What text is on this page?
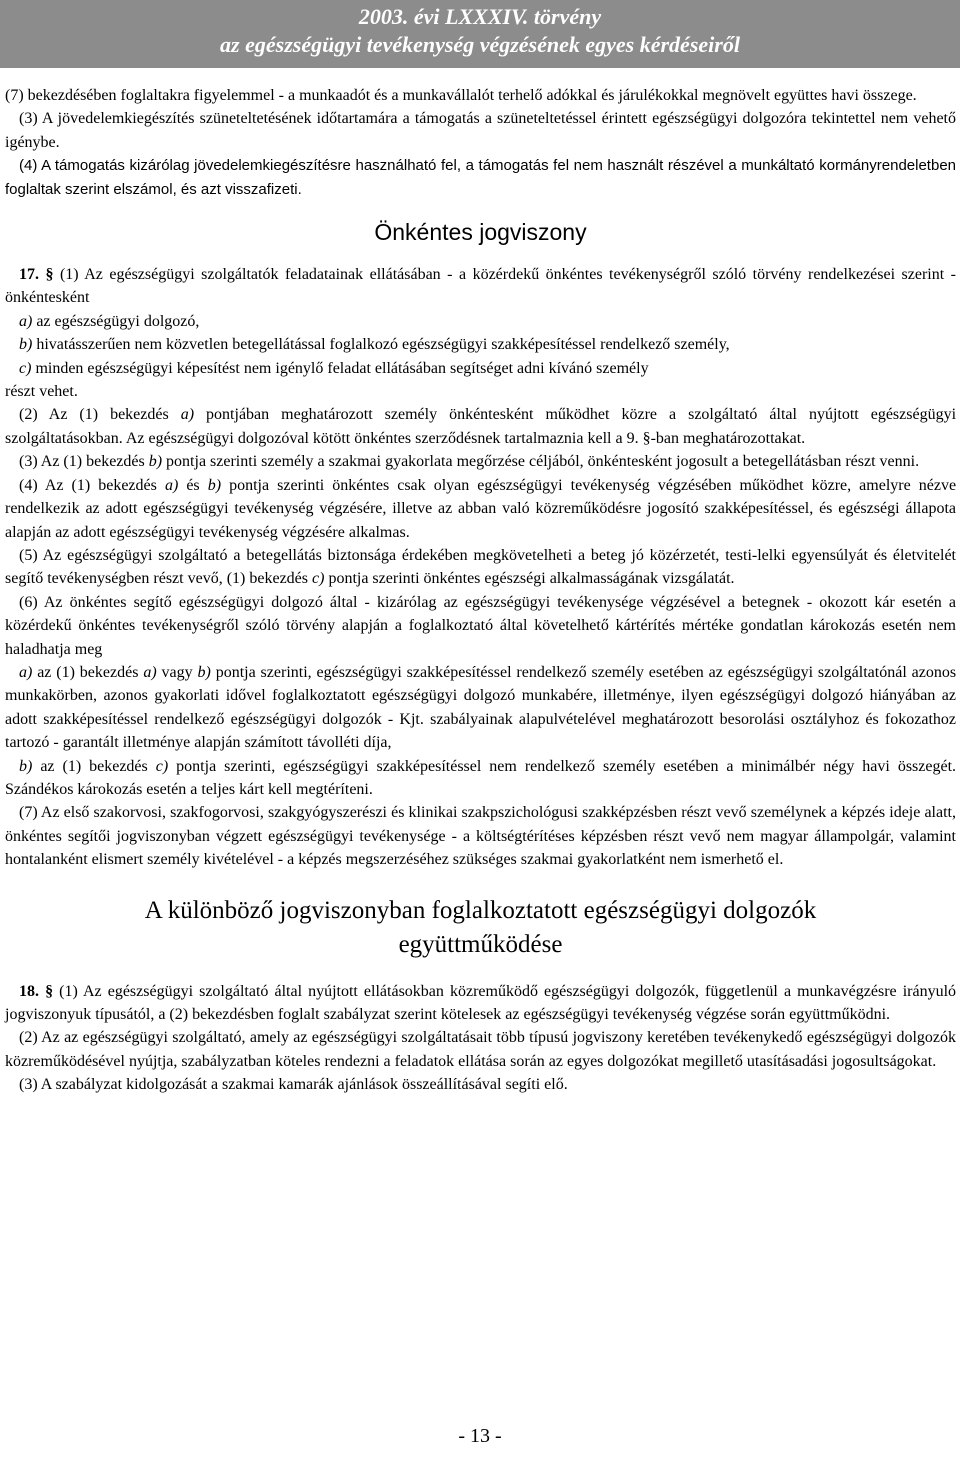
2003. évi LXXXIV. törvény
az egészségügyi tevékenység végzésének egyes kérdéseiről

(7) bekezdésében foglaltakra figyelemmel - a munkaadót és a munkavállalót terhelő adókkal és járulékokkal megnövelt együttes havi összege.

(3) A jövedelemkiegészítés szüneteltetésének időtartamára a támogatás a szüneteltetéssel érintett egészségügyi dolgozóra tekintettel nem vehető igénybe.

(4) A támogatás kizárólag jövedelemkiegészítésre használható fel, a támogatás fel nem használt részével a munkáltató kormányrendeletben foglaltak szerint elszámol, és azt visszafizeti.

Önkéntes jogviszony

17. § (1) Az egészségügyi szolgáltatók feladatainak ellátásában - a közérdekű önkéntes tevékenységről szóló törvény rendelkezései szerint - önkéntesként

a) az egészségügyi dolgozó,

b) hivatásszerűen nem közvetlen betegellátással foglalkozó egészségügyi szakképesítéssel rendelkező személy,

c) minden egészségügyi képesítést nem igénylő feladat ellátásában segítséget adni kívánó személy

részt vehet.

(2) Az (1) bekezdés a) pontjában meghatározott személy önkéntesként működhet közre a szolgáltató által nyújtott egészségügyi szolgáltatásokban. Az egészségügyi dolgozóval kötött önkéntes szerződésnek tartalmaznia kell a 9. §-ban meghatározottakat.

(3) Az (1) bekezdés b) pontja szerinti személy a szakmai gyakorlata megőrzése céljából, önkéntesként jogosult a betegellátásban részt venni.

(4) Az (1) bekezdés a) és b) pontja szerinti önkéntes csak olyan egészségügyi tevékenység végzésében működhet közre, amelyre nézve rendelkezik az adott egészségügyi tevékenység végzésére, illetve az abban való közreműködésre jogosító szakképesítéssel, és egészségi állapota alapján az adott egészségügyi tevékenység végzésére alkalmas.

(5) Az egészségügyi szolgáltató a betegellátás biztonsága érdekében megkövetelheti a beteg jó közérzetét, testi-lelki egyensúlyát és életvitelét segítő tevékenységben részt vevő, (1) bekezdés c) pontja szerinti önkéntes egészségi alkalmasságának vizsgálatát.

(6) Az önkéntes segítő egészségügyi dolgozó által - kizárólag az egészségügyi tevékenysége végzésével a betegnek - okozott kár esetén a közérdekű önkéntes tevékenységről szóló törvény alapján a foglalkoztató által követelhető kártérítés mértéke gondatlan károkozás esetén nem haladhatja meg

a) az (1) bekezdés a) vagy b) pontja szerinti, egészségügyi szakképesítéssel rendelkező személy esetében az egészségügyi szolgáltatónál azonos munkakörben, azonos gyakorlati idővel foglalkoztatott egészségügyi dolgozó munkabére, illetménye, ilyen egészségügyi dolgozó hiányában az adott szakképesítéssel rendelkező egészségügyi dolgozók - Kjt. szabályainak alapulvételével meghatározott besorolási osztályhoz és fokozathoz tartozó - garantált illetménye alapján számított távolléti díja,

b) az (1) bekezdés c) pontja szerinti, egészségügyi szakképesítéssel nem rendelkező személy esetében a minimálbér négy havi összegét. Szándékos károkozás esetén a teljes kárt kell megtéríteni.

(7) Az első szakorvosi, szakfogorvosi, szakgyógyszerészi és klinikai szakpszichológusi szakképzésben részt vevő személynek a képzés ideje alatt, önkéntes segítői jogviszonyban végzett egészségügyi tevékenysége - a költségtérítéses képzésben részt vevő nem magyar állampolgár, valamint hontalanként elismert személy kivételével - a képzés megszerzéséhez szükséges szakmai gyakorlatként nem ismerhető el.

A különböző jogviszonyban foglalkoztatott egészségügyi dolgozók
együttműködése

18. § (1) Az egészségügyi szolgáltató által nyújtott ellátásokban közreműködő egészségügyi dolgozók, függetlenül a munkavégzésre irányuló jogviszonyuk típusától, a (2) bekezdésben foglalt szabályzat szerint kötelesek az egészségügyi tevékenység végzése során együttműködni.

(2) Az az egészségügyi szolgáltató, amely az egészségügyi szolgáltatásait több típusú jogviszony keretében tevékenykedő egészségügyi dolgozók közreműködésével nyújtja, szabályzatban köteles rendezni a feladatok ellátása során az egyes dolgozókat megillető utasításadási jogosultságokat.

(3) A szabályzat kidolgozását a szakmai kamarák ajánlások összeállításával segíti elő.

- 13 -
